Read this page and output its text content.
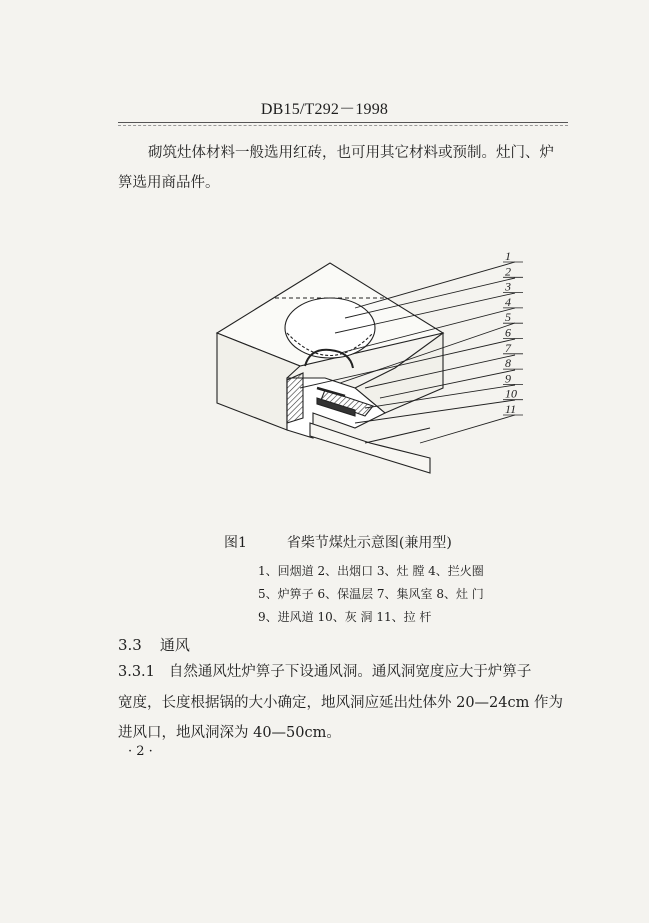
DB15/T292－1998
砌筑灶体材料一般选用红砖，也可用其它材料或预制。灶门、炉
箅选用商品件。
1
2
3
4
5
6
7
8
9
10
11
图1	省柴节煤灶示意图(兼用型)
1、回烟道 2、出烟口 3、灶 膛 4、拦火圈
5、炉箅子 6、保温层 7、集风室 8、灶 门
9、进风道 10、灰 洞 11、拉 杆
3.3 通风
3.3.1 自然通风灶炉箅子下设通风洞。通风洞宽度应大于炉箅子
宽度，长度根据锅的大小确定，地风洞应延出灶体外 20—24cm 作为
进风口，地风洞深为 40—50cm。
· 2 ·
